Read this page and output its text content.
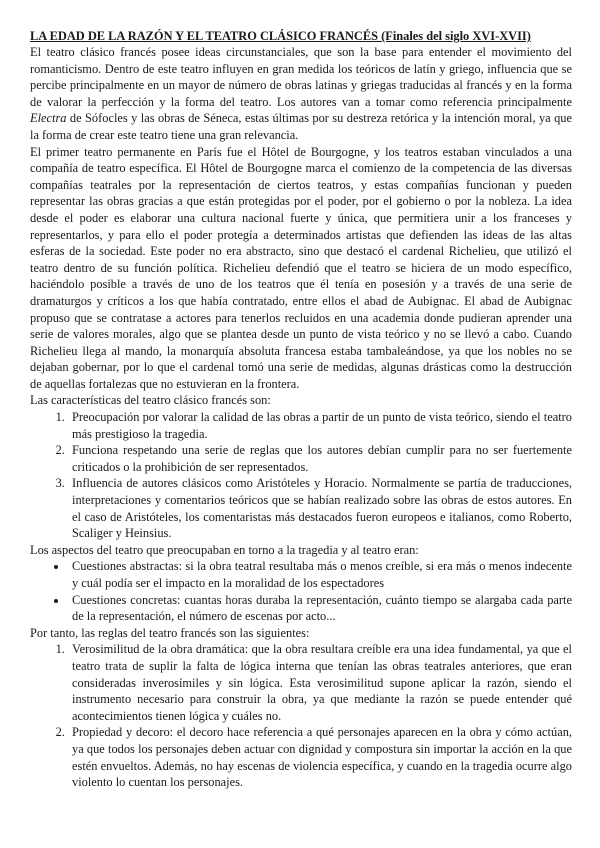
LA EDAD DE LA RAZÓN Y EL TEATRO CLÁSICO FRANCÉS (Finales del siglo XVI-XVII)

El teatro clásico francés posee ideas circunstanciales, que son la base para entender el movimiento del romanticismo. Dentro de este teatro influyen en gran medida los teóricos de latín y griego, influencia que se percibe principalmente en un mayor de número de obras latinas y griegas traducidas al francés y en la forma de valorar la perfección y la forma del teatro. Los autores van a tomar como referencia principalmente Electra de Sófocles y las obras de Séneca, estas últimas por su destreza retórica y la intención moral, ya que la forma de crear este teatro tiene una gran relevancia.

El primer teatro permanente en París fue el Hôtel de Bourgogne, y los teatros estaban vinculados a una compañía de teatro específica. El Hôtel de Bourgogne marca el comienzo de la competencia de las diversas compañías teatrales por la representación de ciertos teatros, y estas compañías funcionan y pueden representar las obras gracias a que están protegidas por el poder, por el gobierno o por la nobleza. La idea desde el poder es elaborar una cultura nacional fuerte y única, que permitiera unir a los franceses y representarlos, y para ello el poder protegía a determinados artistas que defienden las ideas de las altas esferas de la sociedad. Este poder no era abstracto, sino que destacó el cardenal Richelieu, que utilizó el teatro dentro de su función política. Richelieu defendió que el teatro se hiciera de un modo específico, haciéndolo posible a través de uno de los teatros que él tenía en posesión y a través de una serie de dramaturgos y críticos a los que había contratado, entre ellos el abad de Aubignac. El abad de Aubignac propuso que se contratase a actores para tenerlos recluidos en una academia donde pudieran aprender una serie de valores morales, algo que se plantea desde un punto de vista teórico y no se llevó a cabo. Cuando Richelieu llega al mando, la monarquía absoluta francesa estaba tambaleándose, ya que los nobles no se dejaban gobernar, por lo que el cardenal tomó una serie de medidas, algunas drásticas como la destrucción de aquellas fortalezas que no estuvieran en la frontera.

Las características del teatro clásico francés son:

1. Preocupación por valorar la calidad de las obras a partir de un punto de vista teórico, siendo el teatro más prestigioso la tragedia.
2. Funciona respetando una serie de reglas que los autores debían cumplir para no ser fuertemente criticados o la prohibición de ser representados.
3. Influencia de autores clásicos como Aristóteles y Horacio. Normalmente se partía de traducciones, interpretaciones y comentarios teóricos que se habían realizado sobre las obras de estos autores. En el caso de Aristóteles, los comentaristas más destacados fueron europeos e italianos, como Roberto, Scaliger y Heinsius.

Los aspectos del teatro que preocupaban en torno a la tragedia y al teatro eran:

• Cuestiones abstractas: si la obra teatral resultaba más o menos creíble, si era más o menos indecente y cuál podía ser el impacto en la moralidad de los espectadores
• Cuestiones concretas: cuantas horas duraba la representación, cuánto tiempo se alargaba cada parte de la representación, el número de escenas por acto...

Por tanto, las reglas del teatro francés son las siguientes:

1. Verosimilitud de la obra dramática: que la obra resultara creíble era una idea fundamental, ya que el teatro trata de suplir la falta de lógica interna que tenían las obras teatrales anteriores, que eran consideradas inverosímiles y sin lógica. Esta verosimilitud supone aplicar la razón, siendo el instrumento necesario para construir la obra, ya que mediante la razón se puede entender qué acontecimientos tienen lógica y cuáles no.
2. Propiedad y decoro: el decoro hace referencia a qué personajes aparecen en la obra y cómo actúan, ya que todos los personajes deben actuar con dignidad y compostura sin importar la acción en la que estén envueltos. Además, no hay escenas de violencia específica, y cuando en la tragedia ocurre algo violento lo cuentan los personajes.
